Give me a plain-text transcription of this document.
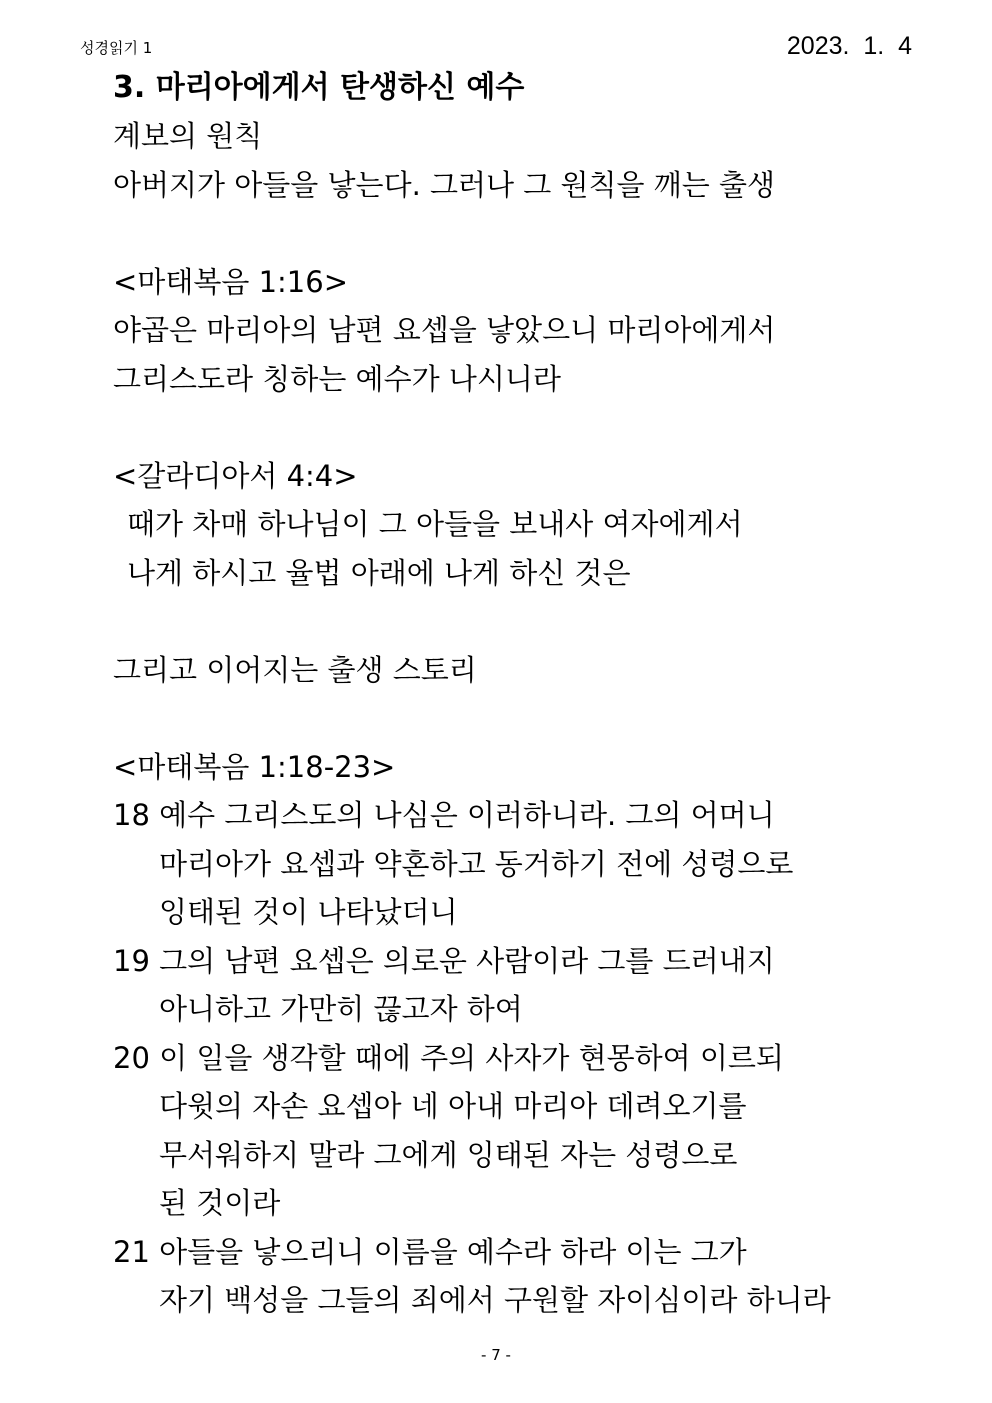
성경읽기 1	2023.  1.  4
3. 마리아에게서 탄생하신 예수
계보의 원칙
아버지가 아들을 낳는다. 그러나 그 원칙을 깨는 출생
<마태복음 1:16>
야곱은 마리아의 남편 요셉을 낳았으니 마리아에게서
그리스도라 칭하는 예수가 나시니라
<갈라디아서 4:4>
때가 차매 하나님이 그 아들을 보내사 여자에게서
나게 하시고 율법 아래에 나게 하신 것은
그리고 이어지는 출생 스토리
<마태복음 1:18-23>
18 예수 그리스도의 나심은 이러하니라. 그의 어머니
마리아가 요셉과 약혼하고 동거하기 전에 성령으로
잉태된 것이 나타났더니
19 그의 남편 요셉은 의로운 사람이라 그를 드러내지
아니하고 가만히 끊고자 하여
20 이 일을 생각할 때에 주의 사자가 현몽하여 이르되
다윗의 자손 요셉아 네 아내 마리아 데려오기를
무서워하지 말라 그에게 잉태된 자는 성령으로
된 것이라
21 아들을 낳으리니 이름을 예수라 하라 이는 그가
자기 백성을 그들의 죄에서 구원할 자이심이라 하니라
- 7 -
